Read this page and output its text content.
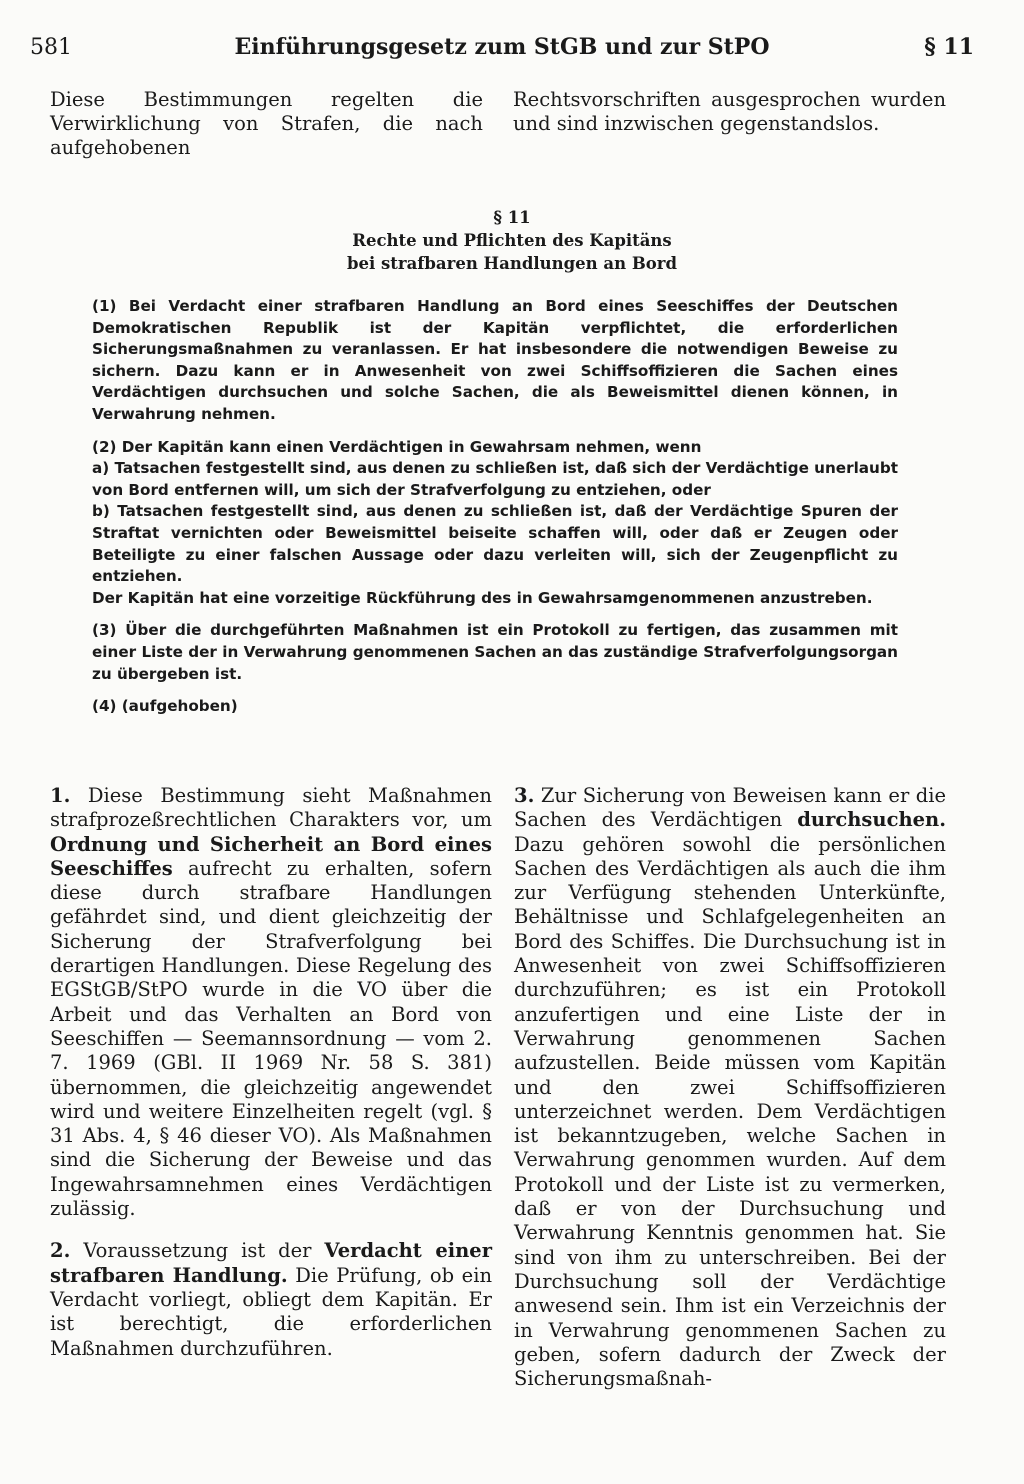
581	Einführungsgesetz zum StGB und zur StPO	§ 11

Diese Bestimmungen regelten die Verwirklichung von Strafen, die nach aufgehobenen

Rechtsvorschriften ausgesprochen wurden und sind inzwischen gegenstandslos.

§ 11
Rechte und Pflichten des Kapitäns
bei strafbaren Handlungen an Bord

(1) Bei Verdacht einer strafbaren Handlung an Bord eines Seeschiffes der Deutschen Demokratischen Republik ist der Kapitän verpflichtet, die erforderlichen Sicherungsmaßnahmen zu veranlassen. Er hat insbesondere die notwendigen Beweise zu sichern. Dazu kann er in Anwesenheit von zwei Schiffsoffizieren die Sachen eines Verdächtigen durchsuchen und solche Sachen, die als Beweismittel dienen können, in Verwahrung nehmen.

(2) Der Kapitän kann einen Verdächtigen in Gewahrsam nehmen, wenn
a) Tatsachen festgestellt sind, aus denen zu schließen ist, daß sich der Verdächtige unerlaubt von Bord entfernen will, um sich der Strafverfolgung zu entziehen, oder
b) Tatsachen festgestellt sind, aus denen zu schließen ist, daß der Verdächtige Spuren der Straftat vernichten oder Beweismittel beiseite schaffen will, oder daß er Zeugen oder Beteiligte zu einer falschen Aussage oder dazu verleiten will, sich der Zeugenpflicht zu entziehen.
Der Kapitän hat eine vorzeitige Rückführung des in Gewahrsamgenommenen anzustreben.

(3) Über die durchgeführten Maßnahmen ist ein Protokoll zu fertigen, das zusammen mit einer Liste der in Verwahrung genommenen Sachen an das zuständige Strafverfolgungsorgan zu übergeben ist.

(4) (aufgehoben)

1. Diese Bestimmung sieht Maßnahmen strafprozeßrechtlichen Charakters vor, um Ordnung und Sicherheit an Bord eines Seeschiffes aufrecht zu erhalten, sofern diese durch strafbare Handlungen gefährdet sind, und dient gleichzeitig der Sicherung der Strafverfolgung bei derartigen Handlungen. Diese Regelung des EGStGB/StPO wurde in die VO über die Arbeit und das Verhalten an Bord von Seeschiffen — Seemannsordnung — vom 2. 7. 1969 (GBl. II 1969 Nr. 58 S. 381) übernommen, die gleichzeitig angewendet wird und weitere Einzelheiten regelt (vgl. § 31 Abs. 4, § 46 dieser VO). Als Maßnahmen sind die Sicherung der Beweise und das Ingewahrsamnehmen eines Verdächtigen zulässig.

2. Voraussetzung ist der Verdacht einer strafbaren Handlung. Die Prüfung, ob ein Verdacht vorliegt, obliegt dem Kapitän. Er ist berechtigt, die erforderlichen Maßnahmen durchzuführen.

3. Zur Sicherung von Beweisen kann er die Sachen des Verdächtigen durchsuchen. Dazu gehören sowohl die persönlichen Sachen des Verdächtigen als auch die ihm zur Verfügung stehenden Unterkünfte, Behältnisse und Schlafgelegenheiten an Bord des Schiffes. Die Durchsuchung ist in Anwesenheit von zwei Schiffsoffizieren durchzuführen; es ist ein Protokoll anzufertigen und eine Liste der in Verwahrung genommenen Sachen aufzustellen. Beide müssen vom Kapitän und den zwei Schiffsoffizieren unterzeichnet werden. Dem Verdächtigen ist bekanntzugeben, welche Sachen in Verwahrung genommen wurden. Auf dem Protokoll und der Liste ist zu vermerken, daß er von der Durchsuchung und Verwahrung Kenntnis genommen hat. Sie sind von ihm zu unterschreiben. Bei der Durchsuchung soll der Verdächtige anwesend sein. Ihm ist ein Verzeichnis der in Verwahrung genommenen Sachen zu geben, sofern dadurch der Zweck der Sicherungsmaßnah-
